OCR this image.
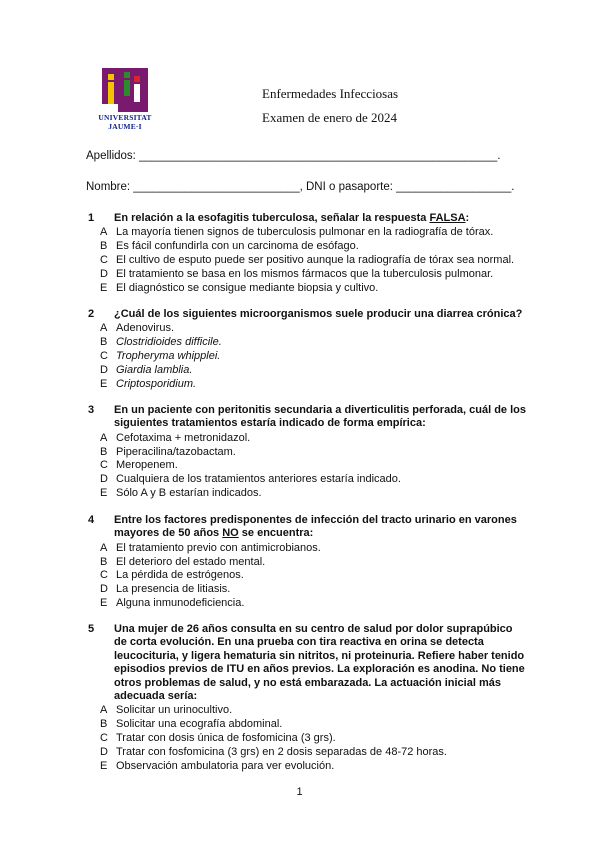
UNIVERSITAT
JAUME·I
Enfermedades Infecciosas
Examen de enero de 2024
Apellidos: ________________________________________________________.
Nombre: __________________________, DNI o pasaporte: __________________.
1 En relación a la esofagitis tuberculosa, señalar la respuesta FALSA:
A La mayoría tienen signos de tuberculosis pulmonar en la radiografía de tórax.
B Es fácil confundirla con un carcinoma de esófago.
C El cultivo de esputo puede ser positivo aunque la radiografía de tórax sea normal.
D El tratamiento se basa en los mismos fármacos que la tuberculosis pulmonar.
E El diagnóstico se consigue mediante biopsia y cultivo.
2 ¿Cuál de los siguientes microorganismos suele producir una diarrea crónica?
A Adenovirus.
B Clostridioides difficile.
C Tropheryma whipplei.
D Giardia lamblia.
E Criptosporidium.
3 En un paciente con peritonitis secundaria a diverticulitis perforada, cuál de los siguientes tratamientos estaría indicado de forma empírica:
A Cefotaxima + metronidazol.
B Piperacilina/tazobactam.
C Meropenem.
D Cualquiera de los tratamientos anteriores estaría indicado.
E Sólo A y B estarían indicados.
4 Entre los factores predisponentes de infección del tracto urinario en varones mayores de 50 años NO se encuentra:
A El tratamiento previo con antimicrobianos.
B El deterioro del estado mental.
C La pérdida de estrógenos.
D La presencia de litiasis.
E Alguna inmunodeficiencia.
5 Una mujer de 26 años consulta en su centro de salud por dolor suprapúbico de corta evolución. En una prueba con tira reactiva en orina se detecta leucocituria, y ligera hematuria sin nitritos, ni proteinuria. Refiere haber tenido episodios previos de ITU en años previos. La exploración es anodina. No tiene otros problemas de salud, y no está embarazada. La actuación inicial más adecuada sería:
A Solicitar un urinocultivo.
B Solicitar una ecografía abdominal.
C Tratar con dosis única de fosfomicina (3 grs).
D Tratar con fosfomicina (3 grs) en 2 dosis separadas de 48-72 horas.
E Observación ambulatoria para ver evolución.
1
